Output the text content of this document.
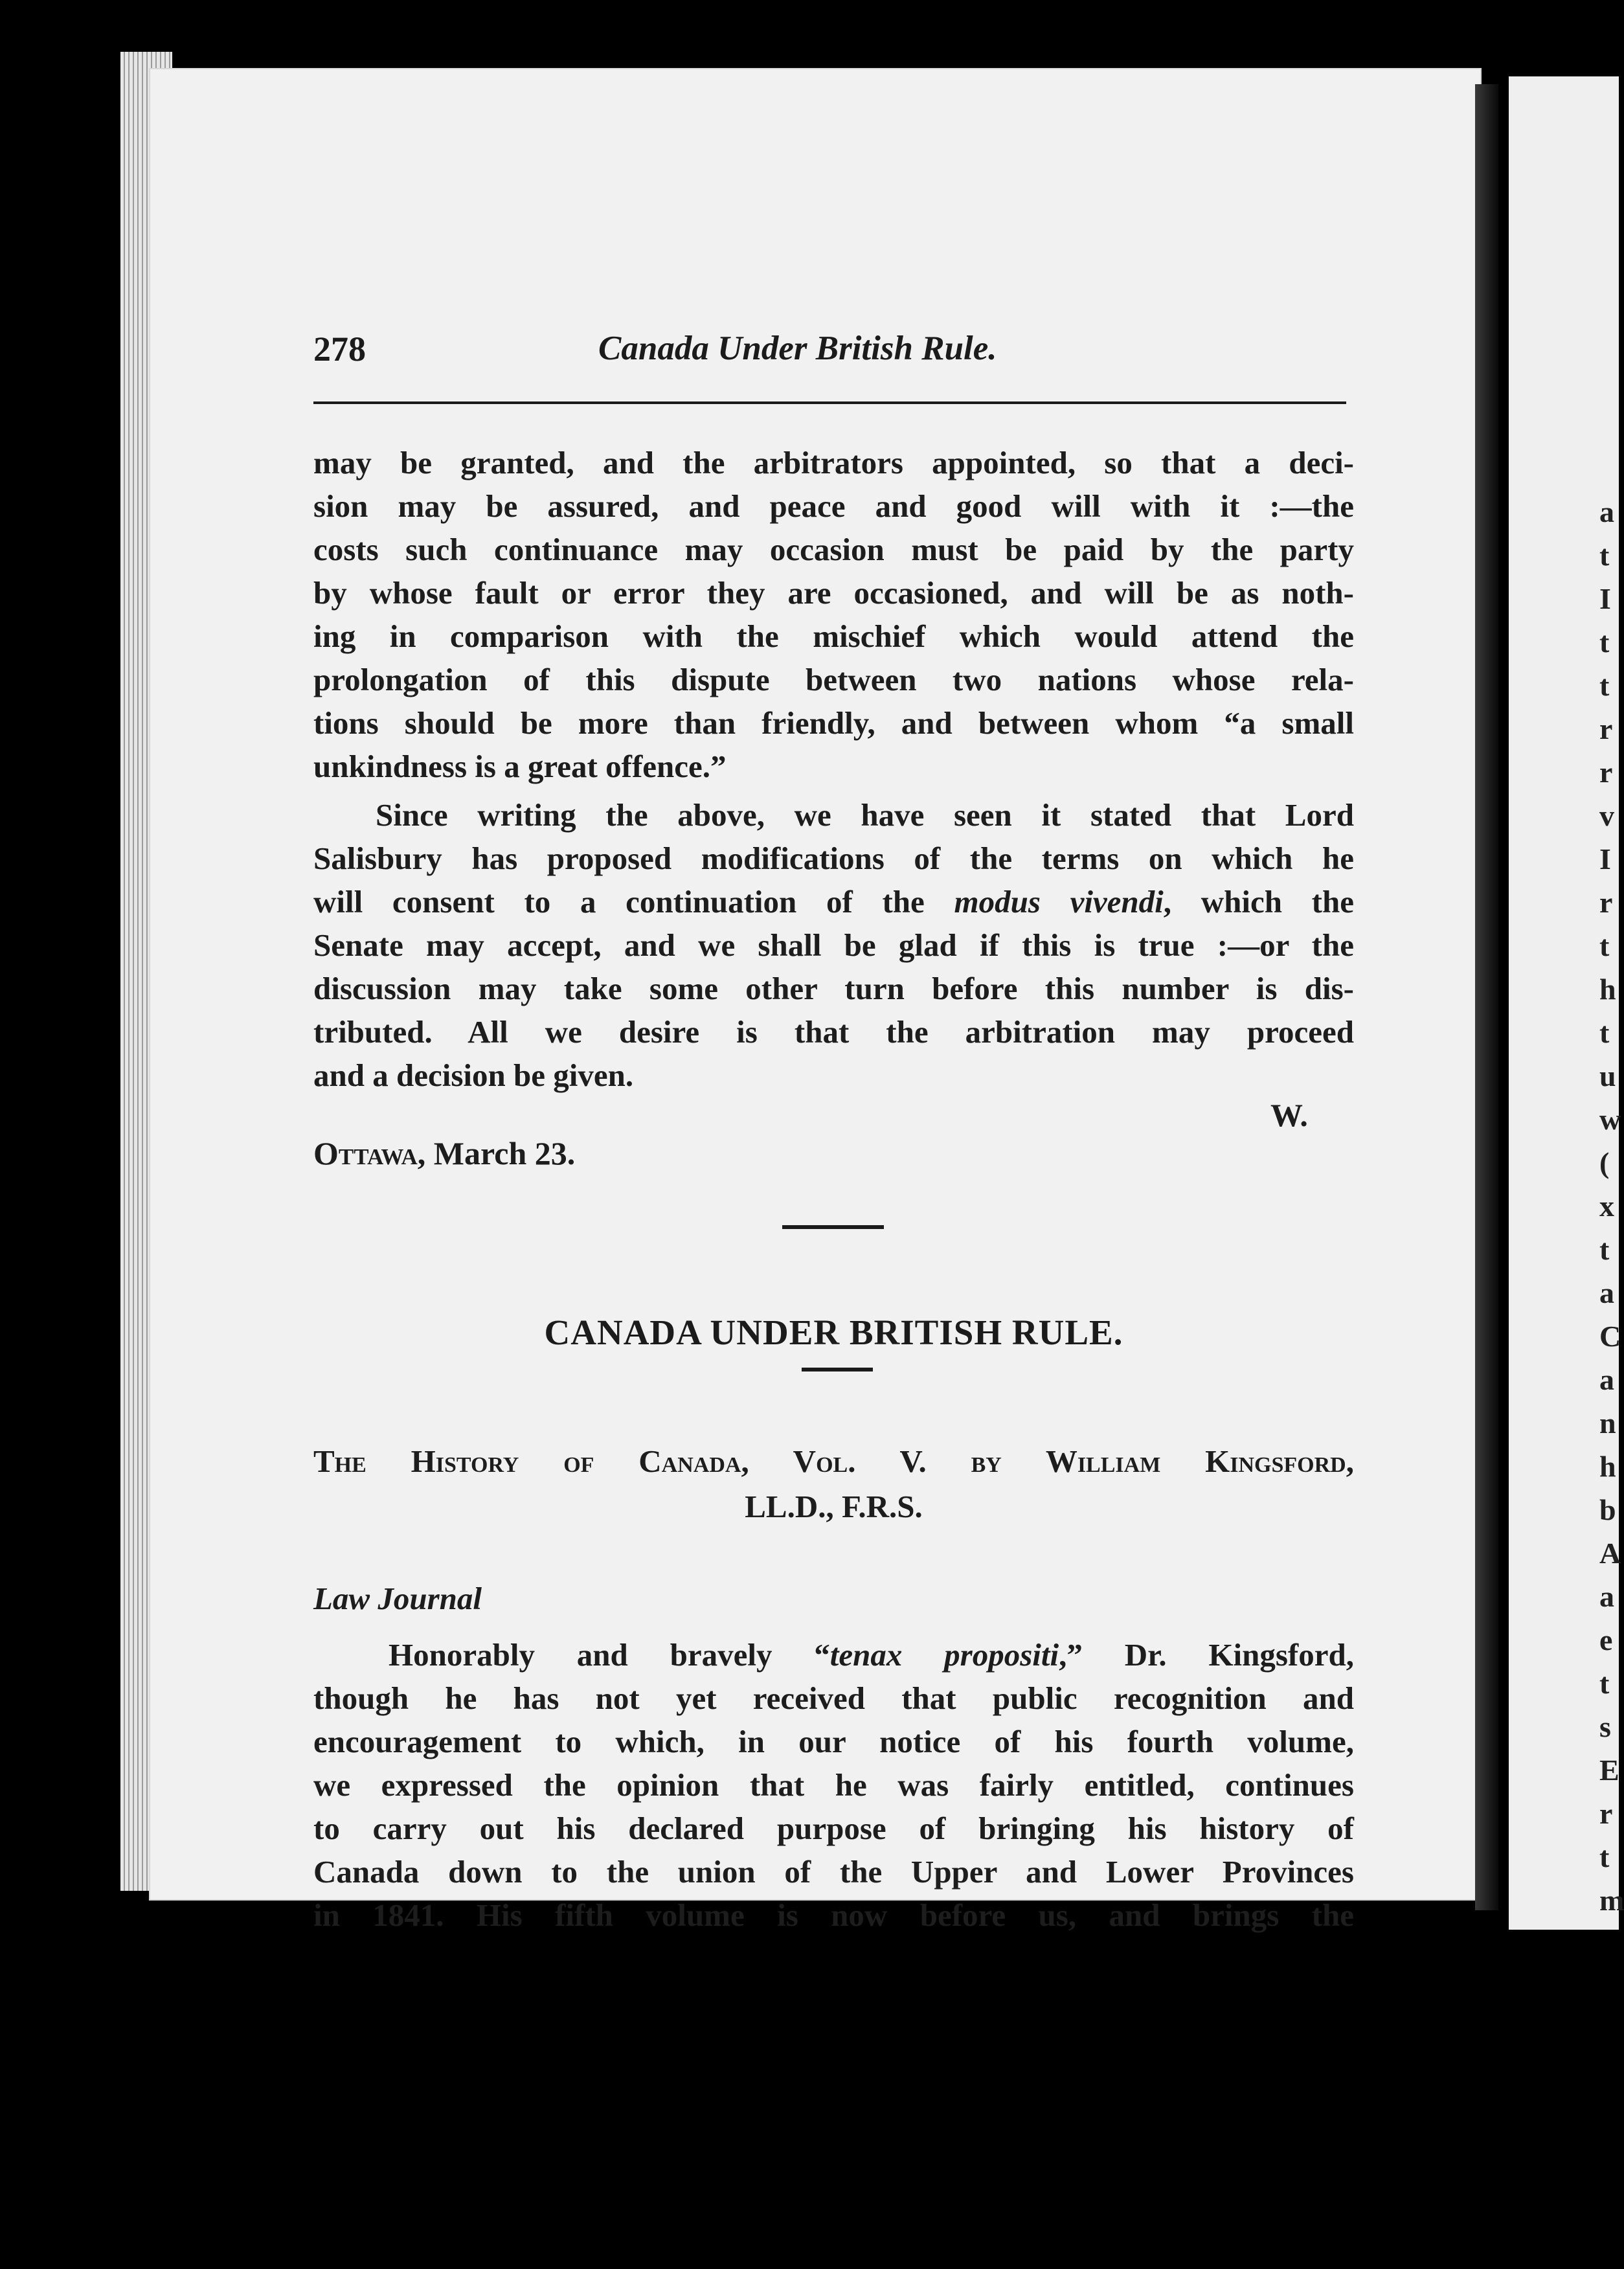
a
t
I
t
t
r
r
v
I
r
t
h
t
u
w
(
x
t
a
C
a
n
h
b
A
a
e
t
s
E
r
t
m
278	Canada Under British Rule.

may be granted, and the arbitrators appointed, so that a deci-

sion may be assured, and peace and good will with it :—the

costs such continuance may occasion must be paid by the party

by whose fault or error they are occasioned, and will be as noth-

ing in comparison with the mischief which would attend the

prolongation of this dispute between two nations whose rela-

tions should be more than friendly, and between whom “a small

unkindness is a great offence.”

Since writing the above, we have seen it stated that Lord

Salisbury has proposed modifications of the terms on which he

will consent to a continuation of the modus vivendi, which the

Senate may accept, and we shall be glad if this is true :—or the

discussion may take some other turn before this number is dis-

tributed. All we desire is that the arbitration may proceed

and a decision be given.

W.
Ottawa, March 23.
CANADA UNDER BRITISH RULE.

The History of Canada, Vol. V. by William Kingsford,

LL.D., F.R.S.

Law Journal

Honorably and bravely “tenax propositi,” Dr. Kingsford,

though he has not yet received that public recognition and

encouragement to which, in our notice of his fourth volume,

we expressed the opinion that he was fairly entitled, continues

to carry out his declared purpose of bringing his history of

Canada down to the union of the Upper and Lower Provinces

in 1841. His fifth volume is now before us, and brings the
